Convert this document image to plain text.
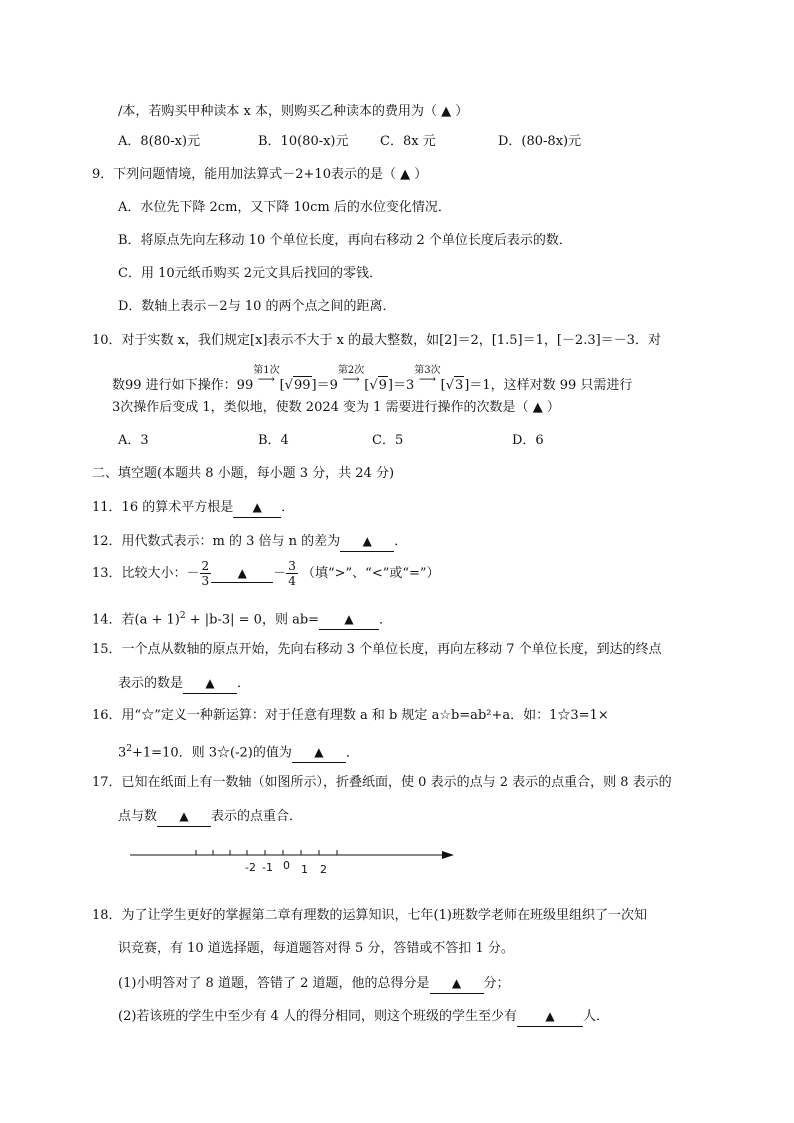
/本，若购买甲种读本 x 本，则购买乙种读本的费用为（ ▲ ）
A．8(80-x)元	B．10(80-x)元 C．8x 元	D．(80-8x)元
9．下列问题情境，能用加法算式－2+10表示的是（ ▲ ）
A．水位先下降 2cm，又下降 10cm 后的水位变化情况．
B．将原点先向左移动 10 个单位长度，再向右移动 2 个单位长度后表示的数．
C．用 10元纸币购买 2元文具后找回的零钱．
D．数轴上表示－2与 10 的两个点之间的距离．
10．对于实数 x，我们规定[x]表示不大于 x 的最大整数，如[2]＝2，[1.5]＝1，[－2.3]＝－3．对
数99 进行如下操作：99
第1次
⟶ [√99]＝9
第2次
⟶ [√9]＝3
第3次
⟶ [√3]＝1，这样对数 99 只需进行
3次操作后变成 1，类似地，使数 2024 变为 1 需要进行操作的次数是（ ▲ ）
A．3	B．4	C．5	D．6
二、填空题(本题共 8 小题，每小题 3 分，共 24 分)
11．16 的算术平方根是 ▲ ．
12．用代数式表示：m 的 3 倍与 n 的差为 ▲ ．
13．比较大小：－ $\frac{2}{3}$ ▲ － $\frac{3}{4}$ （填“>”、“<”或“=”）
14．若$(a + 1)^2 + |b-3| = 0$，则 ab= ▲ ．
15．一个点从数轴的原点开始，先向右移动 3 个单位长度，再向左移动 7 个单位长度，到达的终点
表示的数是 ▲ ．
16．用“☆”定义一种新运算：对于任意有理数 a 和 b 规定 a☆b=ab²+a．如：1☆3=1×
$3^2+1=10$．则 3☆(-2)的值为 ▲ ．
17．已知在纸面上有一数轴（如图所示），折叠纸面，使 0 表示的点与 2 表示的点重合，则 8 表示的
点与数 ▲ 表示的点重合．
-2 -1 0 1 2
18．为了让学生更好的掌握第二章有理数的运算知识，七年(1)班数学老师在班级里组织了一次知
识竞赛，有 10 道选择题，每道题答对得 5 分，答错或不答扣 1 分。
(1)小明答对了 8 道题，答错了 2 道题，他的总得分是 ▲ 分；
(2)若该班的学生中至少有 4 人的得分相同，则这个班级的学生至少有 ▲ 人．
